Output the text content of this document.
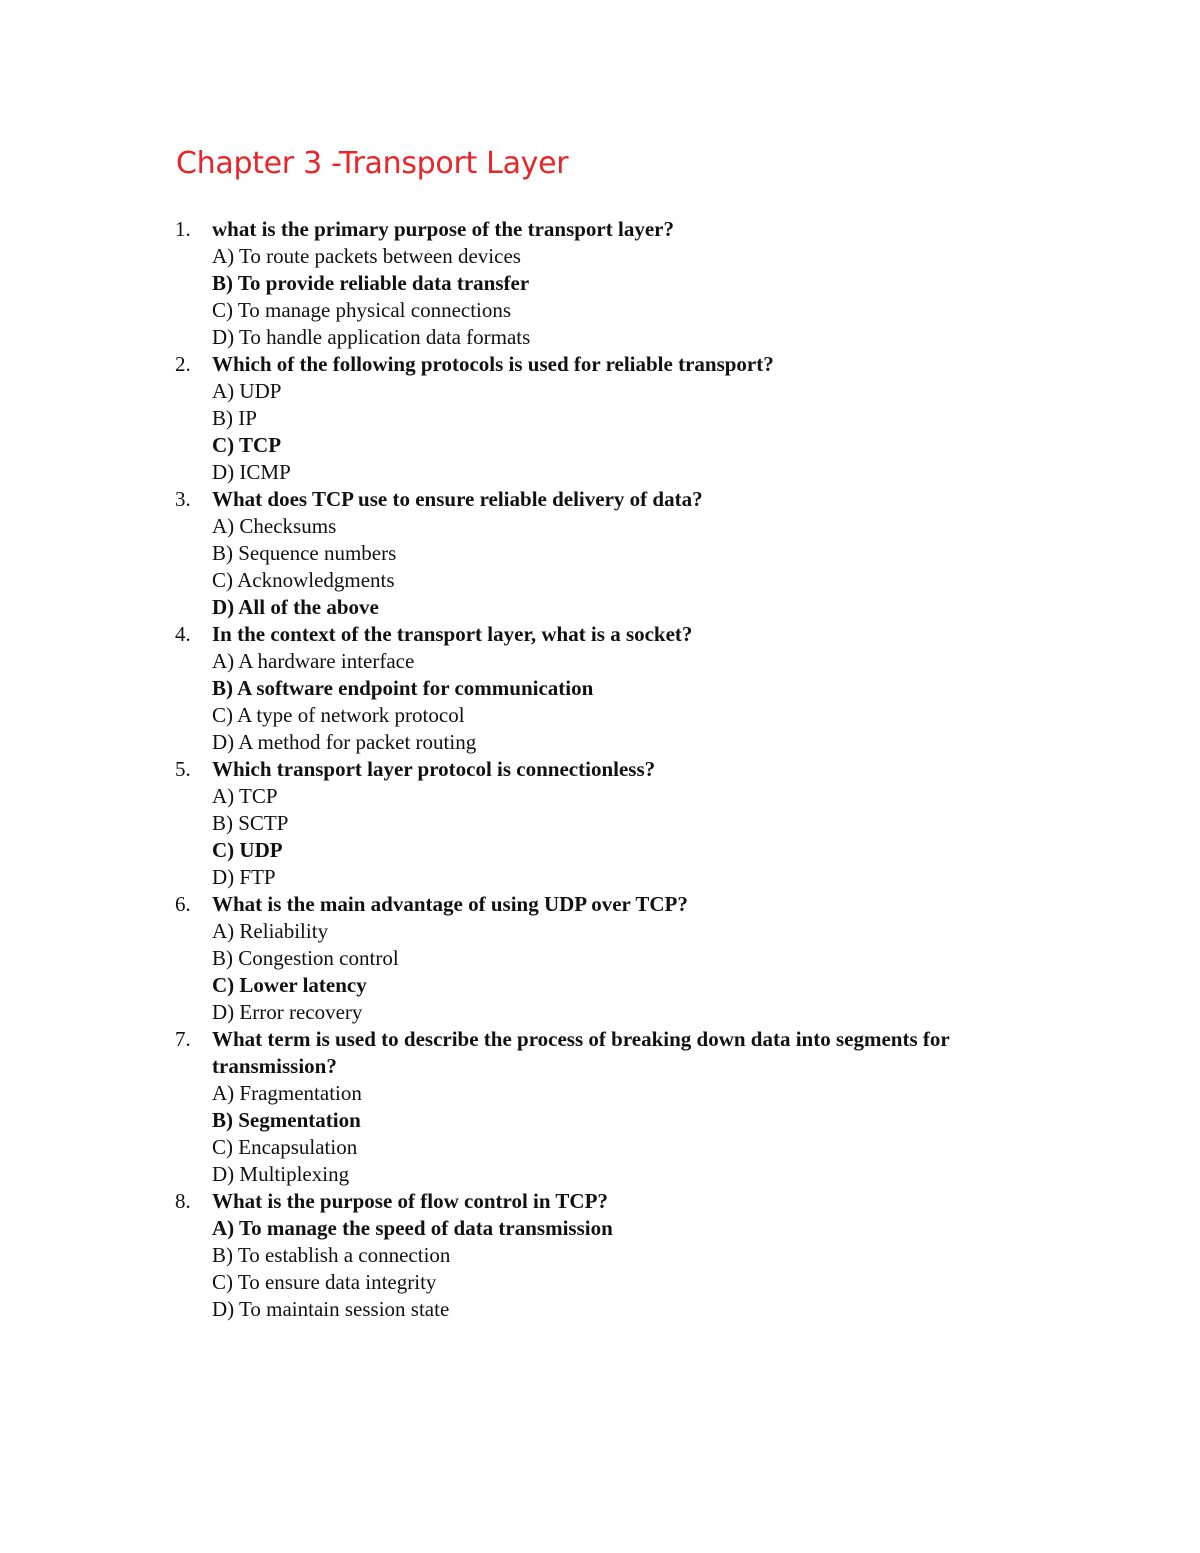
Chapter 3 -Transport Layer
1. what is the primary purpose of the transport layer?
A) To route packets between devices
B) To provide reliable data transfer
C) To manage physical connections
D) To handle application data formats
2. Which of the following protocols is used for reliable transport?
A) UDP
B) IP
C) TCP
D) ICMP
3. What does TCP use to ensure reliable delivery of data?
A) Checksums
B) Sequence numbers
C) Acknowledgments
D) All of the above
4. In the context of the transport layer, what is a socket?
A) A hardware interface
B) A software endpoint for communication
C) A type of network protocol
D) A method for packet routing
5. Which transport layer protocol is connectionless?
A) TCP
B) SCTP
C) UDP
D) FTP
6. What is the main advantage of using UDP over TCP?
A) Reliability
B) Congestion control
C) Lower latency
D) Error recovery
7. What term is used to describe the process of breaking down data into segments for transmission?
A) Fragmentation
B) Segmentation
C) Encapsulation
D) Multiplexing
8. What is the purpose of flow control in TCP?
A) To manage the speed of data transmission
B) To establish a connection
C) To ensure data integrity
D) To maintain session state
